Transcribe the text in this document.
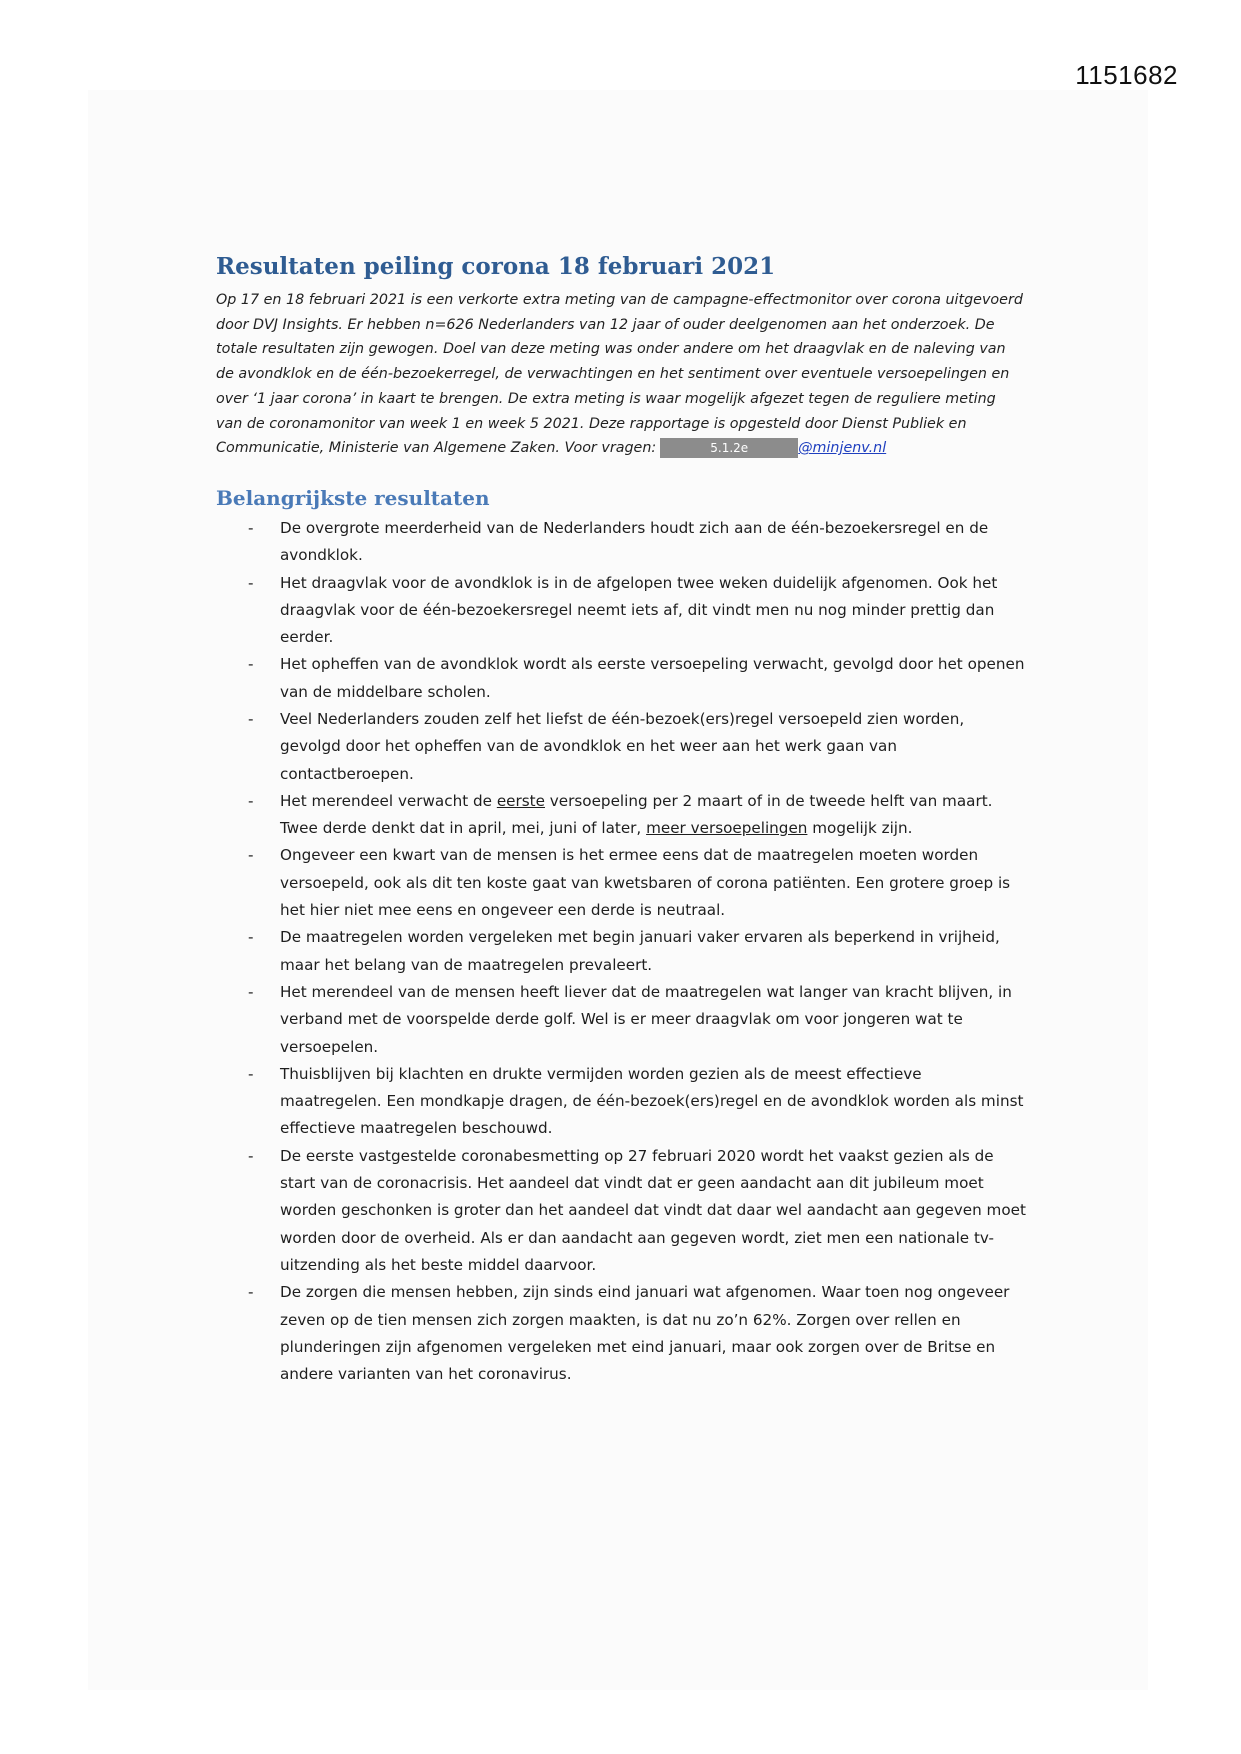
1151682
Resultaten peiling corona 18 februari 2021

Op 17 en 18 februari 2021 is een verkorte extra meting van de campagne-effectmonitor over corona uitgevoerd door DVJ Insights. Er hebben n=626 Nederlanders van 12 jaar of ouder deelgenomen aan het onderzoek. De totale resultaten zijn gewogen. Doel van deze meting was onder andere om het draagvlak en de naleving van de avondklok en de één-bezoekerregel, de verwachtingen en het sentiment over eventuele versoepelingen en over ‘1 jaar corona’ in kaart te brengen. De extra meting is waar mogelijk afgezet tegen de reguliere meting van de coronamonitor van week 1 en week 5 2021. Deze rapportage is opgesteld door Dienst Publiek en Communicatie, Ministerie van Algemene Zaken. Voor vragen:	5.1.2e	@minjenv.nl

Belangrijkste resultaten
- De overgrote meerderheid van de Nederlanders houdt zich aan de één-bezoekersregel en de avondklok.
- Het draagvlak voor de avondklok is in de afgelopen twee weken duidelijk afgenomen. Ook het draagvlak voor de één-bezoekersregel neemt iets af, dit vindt men nu nog minder prettig dan eerder.
- Het opheffen van de avondklok wordt als eerste versoepeling verwacht, gevolgd door het openen van de middelbare scholen.
- Veel Nederlanders zouden zelf het liefst de één-bezoek(ers)regel versoepeld zien worden, gevolgd door het opheffen van de avondklok en het weer aan het werk gaan van contactberoepen.
- Het merendeel verwacht de eerste versoepeling per 2 maart of in de tweede helft van maart. Twee derde denkt dat in april, mei, juni of later, meer versoepelingen mogelijk zijn.
- Ongeveer een kwart van de mensen is het ermee eens dat de maatregelen moeten worden versoepeld, ook als dit ten koste gaat van kwetsbaren of corona patiënten. Een grotere groep is het hier niet mee eens en ongeveer een derde is neutraal.
- De maatregelen worden vergeleken met begin januari vaker ervaren als beperkend in vrijheid, maar het belang van de maatregelen prevaleert.
- Het merendeel van de mensen heeft liever dat de maatregelen wat langer van kracht blijven, in verband met de voorspelde derde golf. Wel is er meer draagvlak om voor jongeren wat te versoepelen.
- Thuisblijven bij klachten en drukte vermijden worden gezien als de meest effectieve maatregelen. Een mondkapje dragen, de één-bezoek(ers)regel en de avondklok worden als minst effectieve maatregelen beschouwd.
- De eerste vastgestelde coronabesmetting op 27 februari 2020 wordt het vaakst gezien als de start van de coronacrisis. Het aandeel dat vindt dat er geen aandacht aan dit jubileum moet worden geschonken is groter dan het aandeel dat vindt dat daar wel aandacht aan gegeven moet worden door de overheid. Als er dan aandacht aan gegeven wordt, ziet men een nationale tv-uitzending als het beste middel daarvoor.
- De zorgen die mensen hebben, zijn sinds eind januari wat afgenomen. Waar toen nog ongeveer zeven op de tien mensen zich zorgen maakten, is dat nu zo’n 62%. Zorgen over rellen en plunderingen zijn afgenomen vergeleken met eind januari, maar ook zorgen over de Britse en andere varianten van het coronavirus.
